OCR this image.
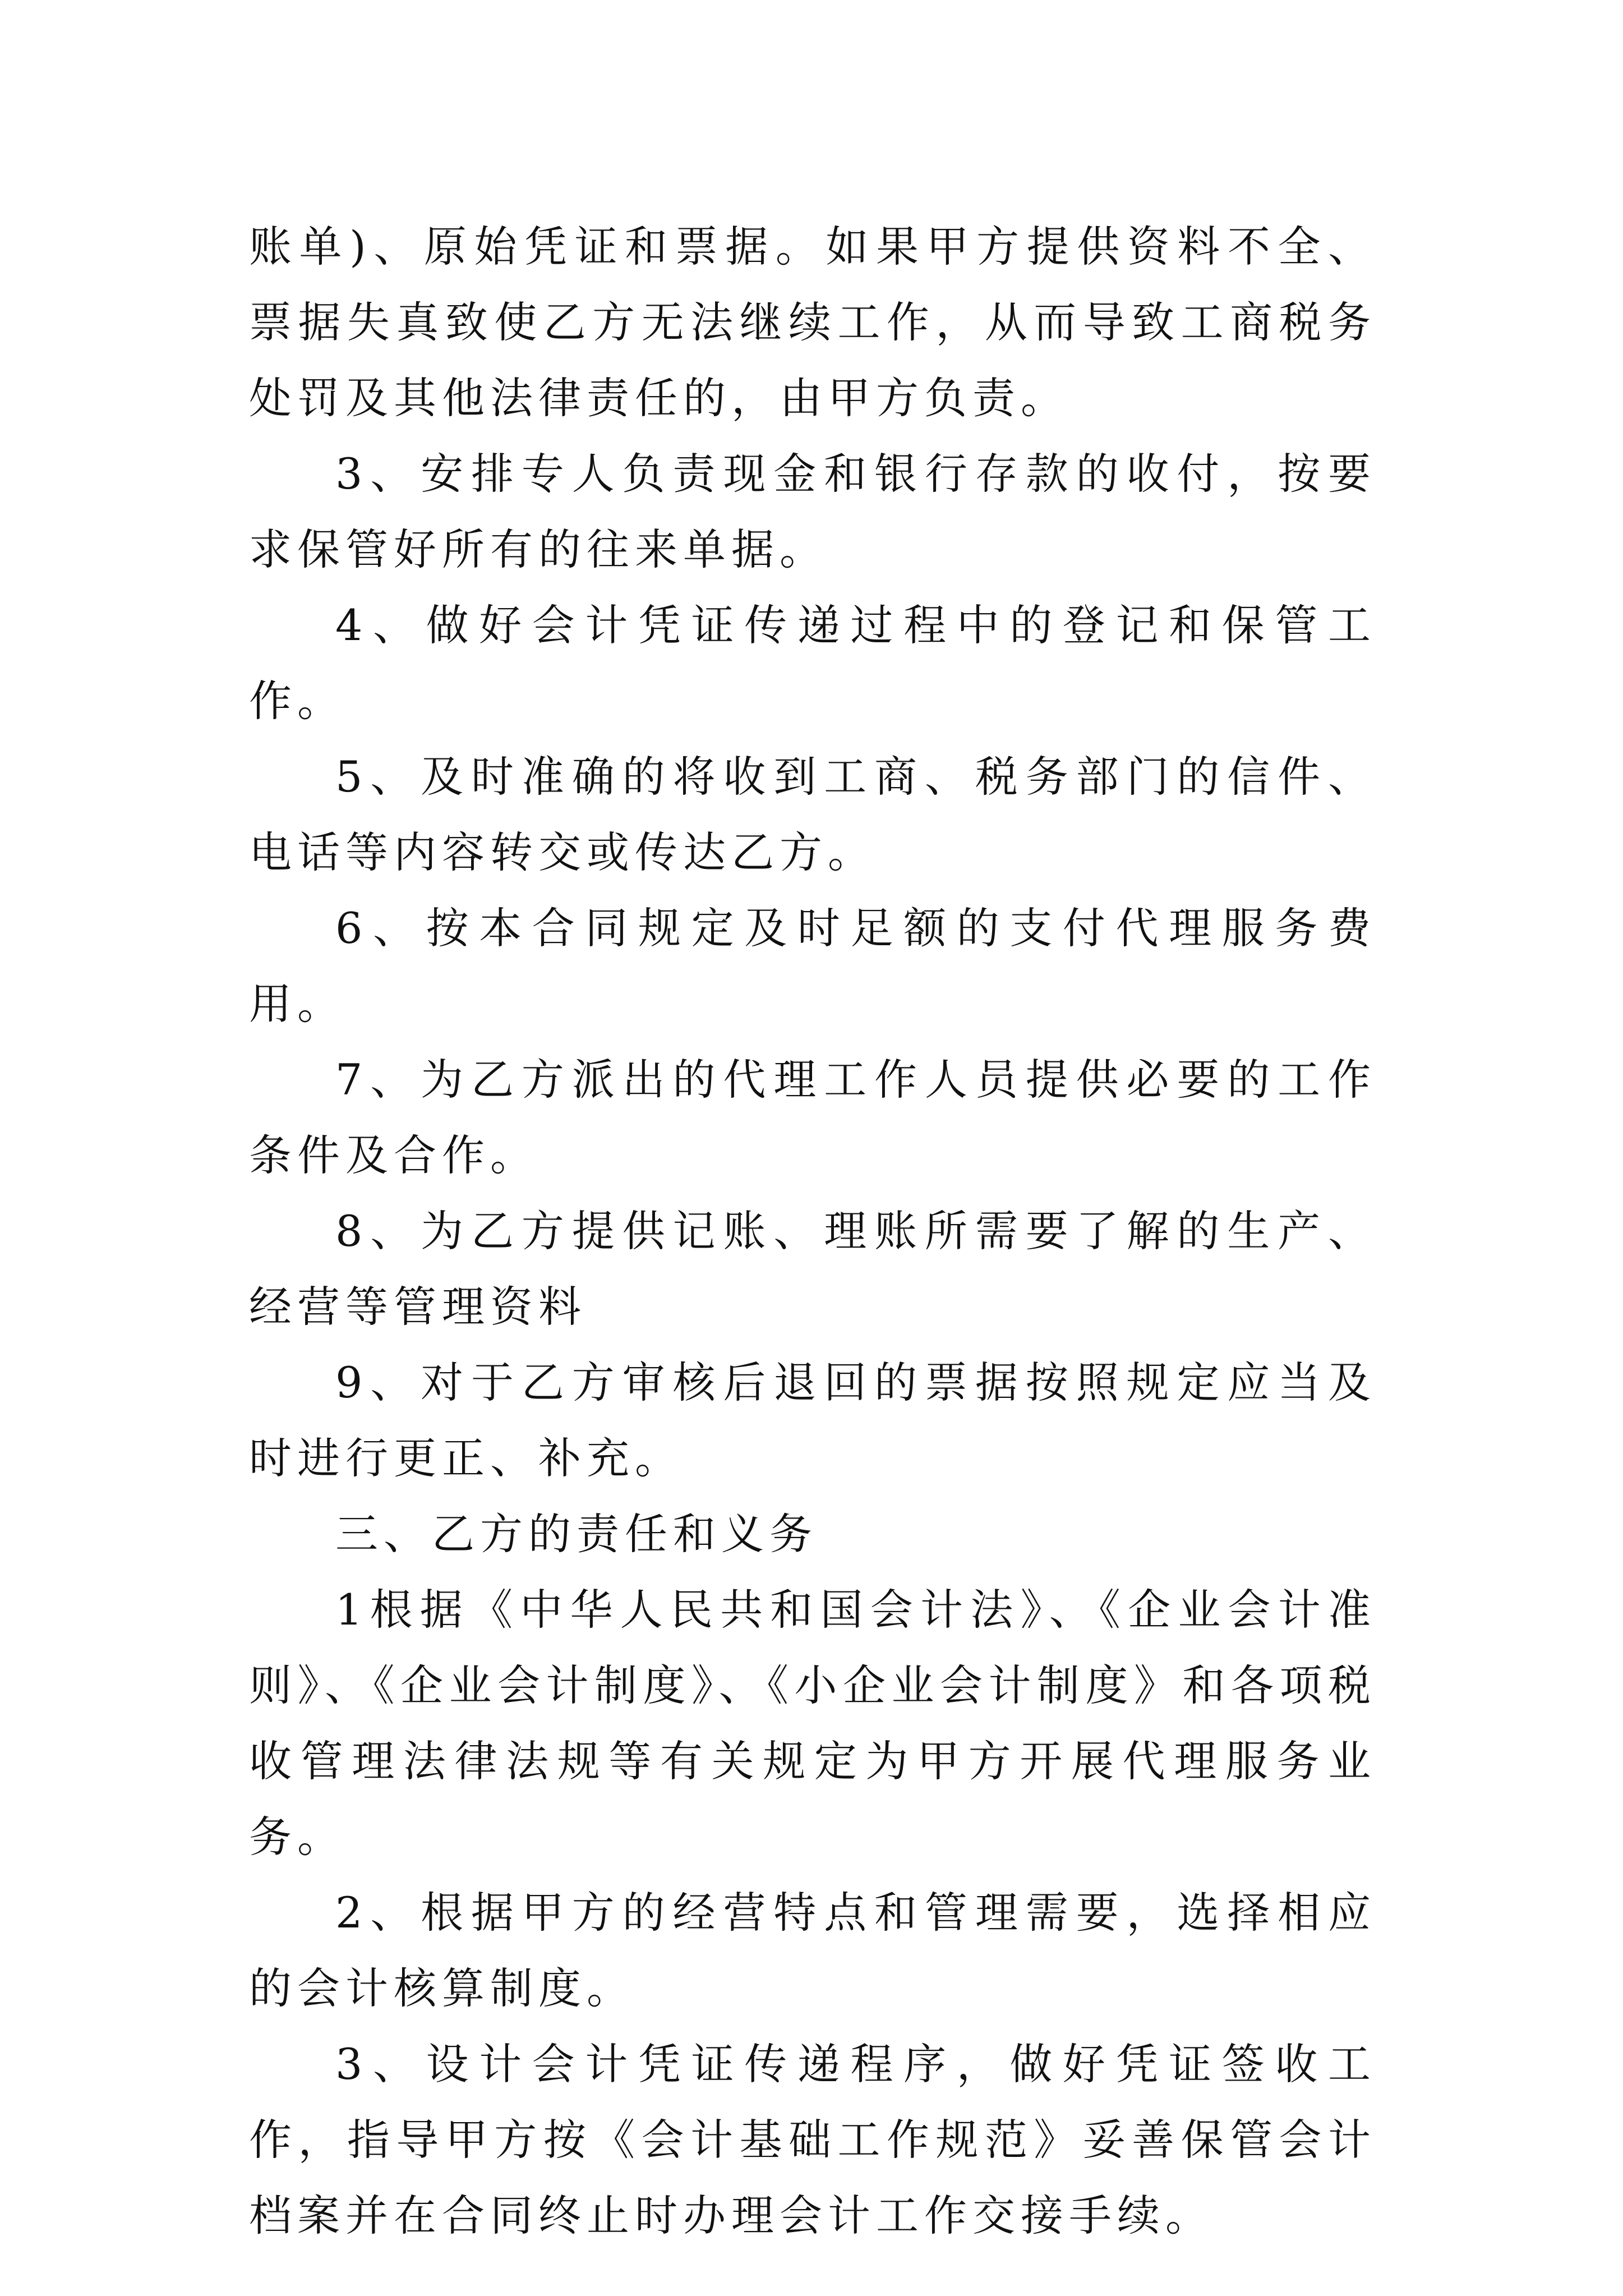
账单)、原始凭证和票据。如果甲方提供资料不全、票据失真致使乙方无法继续工作，从而导致工商税务处罚及其他法律责任的，由甲方负责。

3、安排专人负责现金和银行存款的收付，按要求保管好所有的往来单据。

4、做好会计凭证传递过程中的登记和保管工作。

5、及时准确的将收到工商、税务部门的信件、电话等内容转交或传达乙方。

6、按本合同规定及时足额的支付代理服务费用。

7、为乙方派出的代理工作人员提供必要的工作条件及合作。

8、为乙方提供记账、理账所需要了解的生产、经营等管理资料

9、对于乙方审核后退回的票据按照规定应当及时进行更正、补充。

三、乙方的责任和义务

1根据《中华人民共和国会计法》、《企业会计准则》、《企业会计制度》、《小企业会计制度》和各项税收管理法律法规等有关规定为甲方开展代理服务业务。

2、根据甲方的经营特点和管理需要，选择相应的会计核算制度。

3、设计会计凭证传递程序，做好凭证签收工作，指导甲方按《会计基础工作规范》妥善保管会计档案并在合同终止时办理会计工作交接手续。
